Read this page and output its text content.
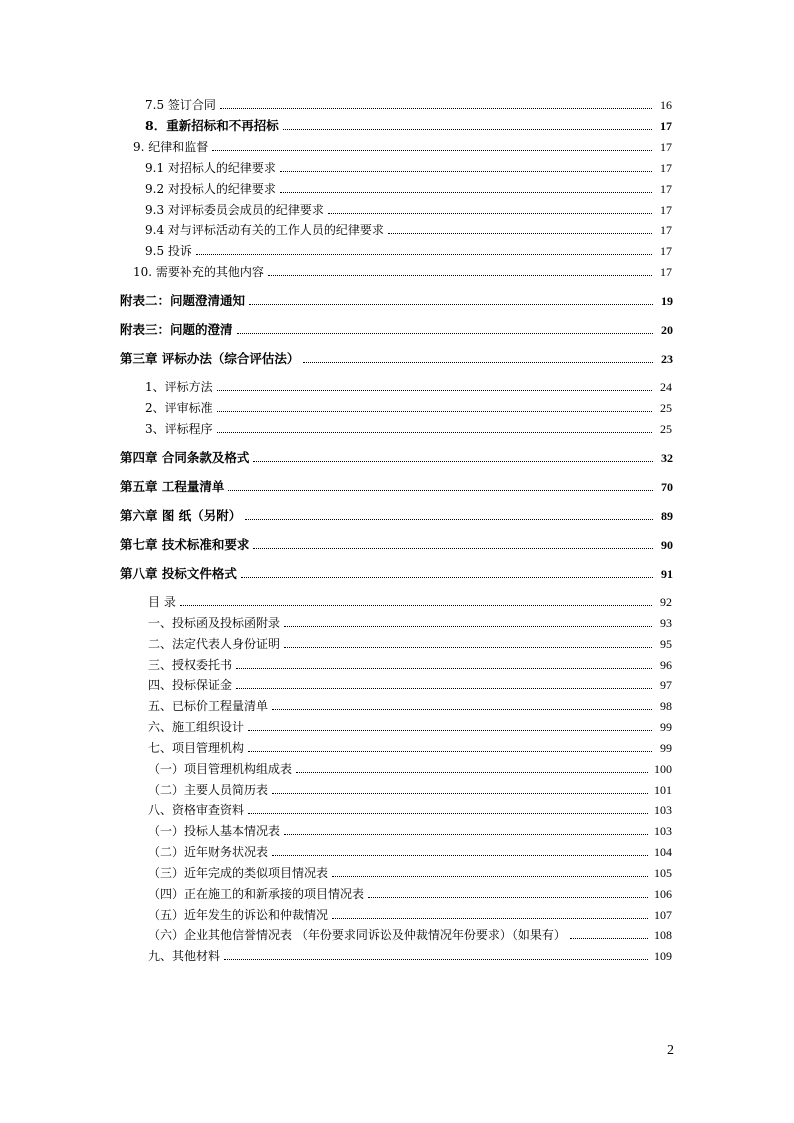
7.5 签订合同	16
8．重新招标和不再招标	17
9. 纪律和监督	17
9.1 对招标人的纪律要求	17
9.2 对投标人的纪律要求	17
9.3 对评标委员会成员的纪律要求	17
9.4 对与评标活动有关的工作人员的纪律要求	17
9.5 投诉	17
10. 需要补充的其他内容	17
附表二：问题澄清通知	19
附表三：问题的澄清	20
第三章 评标办法（综合评估法）	23
1、评标方法	24
2、评审标准	25
3、评标程序	25
第四章 合同条款及格式	32
第五章 工程量清单	70
第六章 图 纸（另附）	89
第七章 技术标准和要求	90
第八章 投标文件格式	91
目 录	92
一、投标函及投标函附录	93
二、法定代表人身份证明	95
三、授权委托书	96
四、投标保证金	97
五、已标价工程量清单	98
六、施工组织设计	99
七、项目管理机构	99
（一）项目管理机构组成表	100
（二）主要人员简历表	101
八、资格审查资料	103
（一）投标人基本情况表	103
（二）近年财务状况表	104
（三）近年完成的类似项目情况表	105
（四）正在施工的和新承接的项目情况表	106
（五）近年发生的诉讼和仲裁情况	107
（六）企业其他信誉情况表 （年份要求同诉讼及仲裁情况年份要求）（如果有）	108
九、其他材料	109
2
